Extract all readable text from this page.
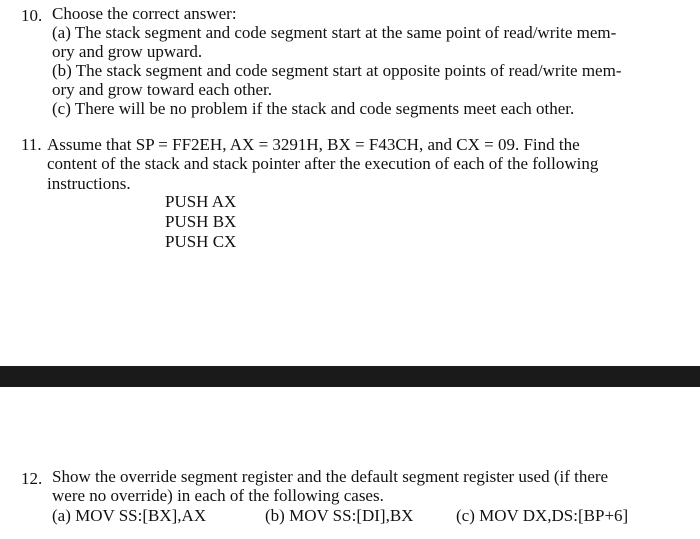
10. Choose the correct answer:
(a) The stack segment and code segment start at the same point of read/write mem-
ory and grow upward.
(b) The stack segment and code segment start at opposite points of read/write mem-
ory and grow toward each other.
(c) There will be no problem if the stack and code segments meet each other.
11. Assume that SP = FF2EH, AX = 3291H, BX = F43CH, and CX = 09. Find the
content of the stack and stack pointer after the execution of each of the following
instructions.
PUSH AX
PUSH BX
PUSH CX
12. Show the override segment register and the default segment register used (if there
were no override) in each of the following cases.
(a) MOV SS:[BX],AX	(b) MOV SS:[DI],BX	(c) MOV DX,DS:[BP+6]
